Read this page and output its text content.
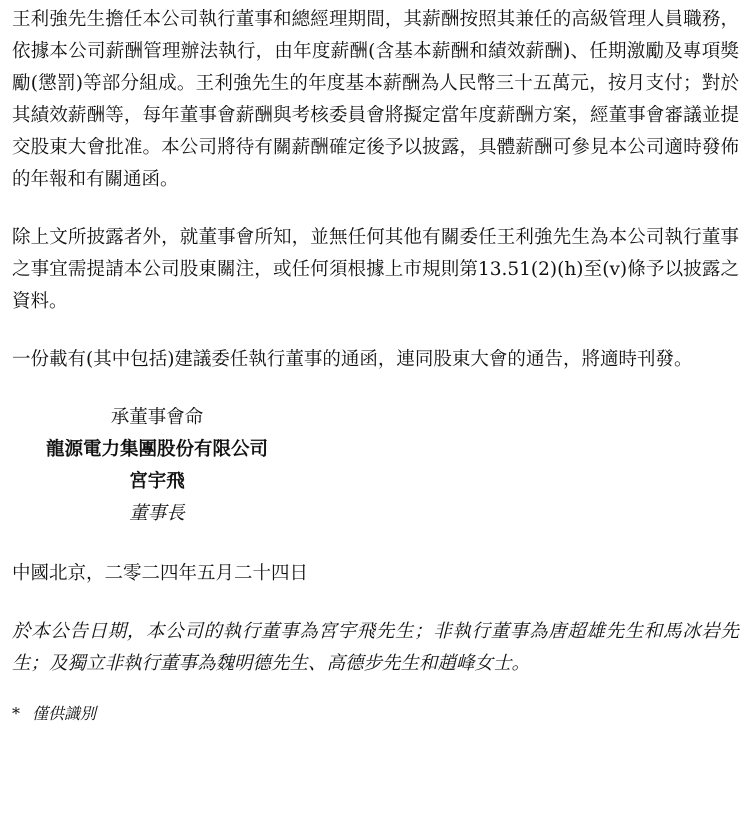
王利強先生擔任本公司執行董事和總經理期間，其薪酬按照其兼任的高級管理人員職務，依據本公司薪酬管理辦法執行，由年度薪酬(含基本薪酬和績效薪酬)、任期激勵及專項獎勵(懲罰)等部分組成。王利強先生的年度基本薪酬為人民幣三十五萬元，按月支付；對於其績效薪酬等，每年董事會薪酬與考核委員會將擬定當年度薪酬方案，經董事會審議並提交股東大會批准。本公司將待有關薪酬確定後予以披露，具體薪酬可參見本公司適時發佈的年報和有關通函。

除上文所披露者外，就董事會所知，並無任何其他有關委任王利強先生為本公司執行董事之事宜需提請本公司股東關注，或任何須根據上市規則第13.51(2)(h)至(v)條予以披露之資料。

一份載有(其中包括)建議委任執行董事的通函，連同股東大會的通告，將適時刊發。

承董事會命
龍源電力集團股份有限公司
宮宇飛
董事長
中國北京，二零二四年五月二十四日
於本公告日期，本公司的執行董事為宮宇飛先生；非執行董事為唐超雄先生和馬冰岩先生；及獨立非執行董事為魏明德先生、高德步先生和趙峰女士。
* 僅供識別
